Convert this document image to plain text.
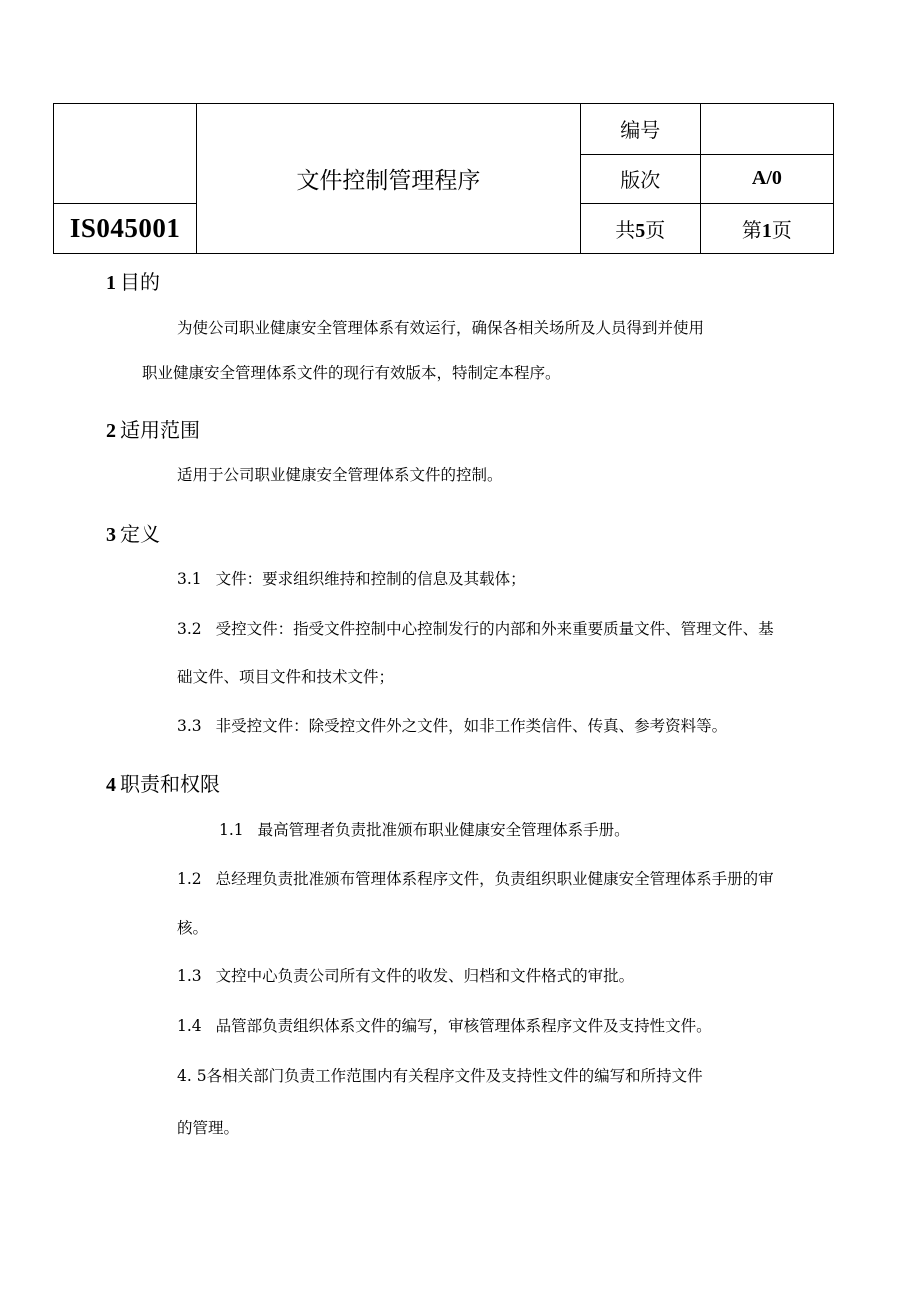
	文件控制管理程序	编号	
		版次	A/0
IS045001		共5页	第1页
1 目的
为使公司职业健康安全管理体系有效运行，确保各相关场所及人员得到并使用
职业健康安全管理体系文件的现行有效版本，特制定本程序。
2 适用范围
适用于公司职业健康安全管理体系文件的控制。
3 定义
3.1 文件：要求组织维持和控制的信息及其载体；
3.2 受控文件：指受文件控制中心控制发行的内部和外来重要质量文件、管理文件、基
础文件、项目文件和技术文件；
3.3 非受控文件：除受控文件外之文件，如非工作类信件、传真、参考资料等。
4 职责和权限
1.1 最高管理者负责批准颁布职业健康安全管理体系手册。
1.2 总经理负责批准颁布管理体系程序文件，负责组织职业健康安全管理体系手册的审
核。
1.3 文控中心负责公司所有文件的收发、归档和文件格式的审批。
1.4 品管部负责组织体系文件的编写，审核管理体系程序文件及支持性文件。
4. 5各相关部门负责工作范围内有关程序文件及支持性文件的编写和所持文件
的管理。
